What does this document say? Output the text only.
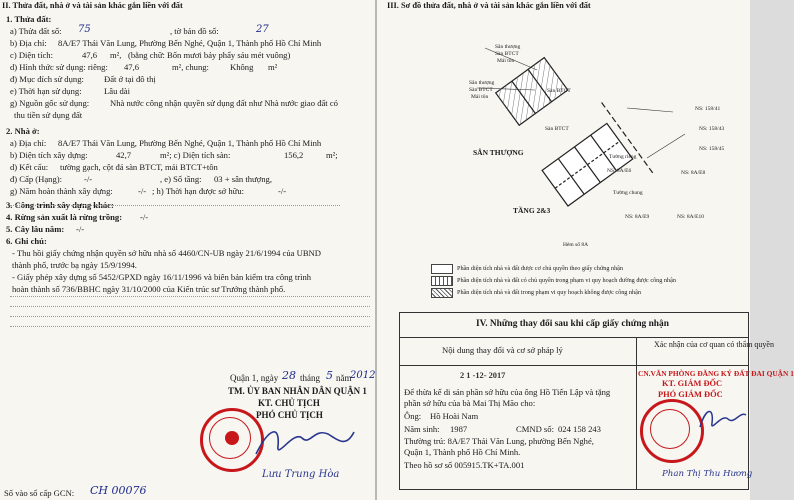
II. Thửa đất, nhà ở và tài sản khác gắn liền với đất
1. Thửa đất:
a) Thửa đất số: 75	, tờ bản đồ số:	27
b) Địa chỉ: 8A/E7 Thái Văn Lung, Phường Bến Nghé, Quận 1, Thành phố Hồ Chí Minh
c) Diện tích:	47,6 m², (bằng chữ: Bốn mươi bảy phẩy sáu mét vuông)
d) Hình thức sử dụng: riêng: 47,6	m², chung: Không m²
đ) Mục đích sử dụng: Đất ở tại đô thị
e) Thời hạn sử dụng:	Lâu dài
g) Nguồn gốc sử dụng: Nhà nước công nhận quyền sử dụng đất như Nhà nước giao đất có
thu tiền sử dụng đất
2. Nhà ở:
a) Địa chỉ: 8A/E7 Thái Văn Lung, Phường Bến Nghé, Quận 1, Thành phố Hồ Chí Minh
b) Diện tích xây dựng:	42,7	m²; c) Diện tích sàn:	156,2	m²;
d) Kết cấu: tường gạch, cột đá sàn BTCT, mái BTCT+tôn
đ) Cấp (Hạng):	-/-	, e) Số tầng: 03 + sân thượng,
g) Năm hoàn thành xây dựng:	-/- ; h) Thời hạn được sở hữu:	-/-
3. Công trình xây dựng khác:
4. Rừng sản xuất là rừng trồng: -/-
5. Cây lâu năm: -/-
6. Ghi chú:
- Thu hồi giấy chứng nhận quyền sở hữu nhà số 4460/CN-UB ngày 21/6/1994 của UBND
thành phố, trước bạ ngày 15/9/1994.
- Giấy phép xây dựng số 5452/GPXD ngày 16/11/1996 và biên bản kiểm tra công trình
hoàn thành số 736/BBHC ngày 31/10/2000 của Kiến trúc sư Trưởng thành phố.
Quận 1, ngày 28 tháng 5 năm
2012
TM. ỦY BAN NHÂN DÂN QUẬN 1
KT. CHỦ TỊCH
PHÓ CHỦ TỊCH
Lưu Trung Hòa
Số vào sổ cấp GCN: CH 00076
III. Sơ đồ thửa đất, nhà ở và tài sản khác gắn liền với đất
Sân thượng
Sàn BTCT
Mái tôn
Sân thượng
Sàn BTCT
Mái tôn
Sàn BTCT
Sàn BTCT
SÂN THƯỢNG
TẦNG 2&3
Tường riêng
Tường chung
Hẻm số 8A
NS: 158/41
NS: 158/43
NS: 158/45
NS: 8A/E6	NS: 8A/E8
NS: 8A/E9	NS: 8A/E10
Phần diện tích nhà và đất được cơ chủ quyền theo giấy chứng nhận
Phần diện tích nhà và đất có chủ quyền trong phạm vi quy hoạch đường được công nhận
Phần diện tích nhà và đất trong phạm vi quy hoạch không được công nhận
IV. Những thay đổi sau khi cấp giấy chứng nhận
Nội dung thay đổi và cơ sở pháp lý
Xác nhận của cơ quan có thẩm quyền
2 1 -12- 2017
Để thừa kế di sản phần sở hữu của ông Hồ Tiến Lập và tặng
phần sở hữu của bà Mai Thị Mão cho:
Ông: Hồ Hoài Nam
Năm sinh: 1987	CMND số: 024 158 243
Thường trú: 8A/E7 Thái Văn Lung, phường Bến Nghé,
Quận 1, Thành phố Hồ Chí Minh.
Theo hồ sơ số 005915.TK+TA.001
CN.VĂN PHÒNG ĐĂNG KÝ ĐẤT ĐAI QUẬN 1
KT. GIÁM ĐỐC
PHÓ GIÁM ĐỐC
Phan Thị Thu Hương
